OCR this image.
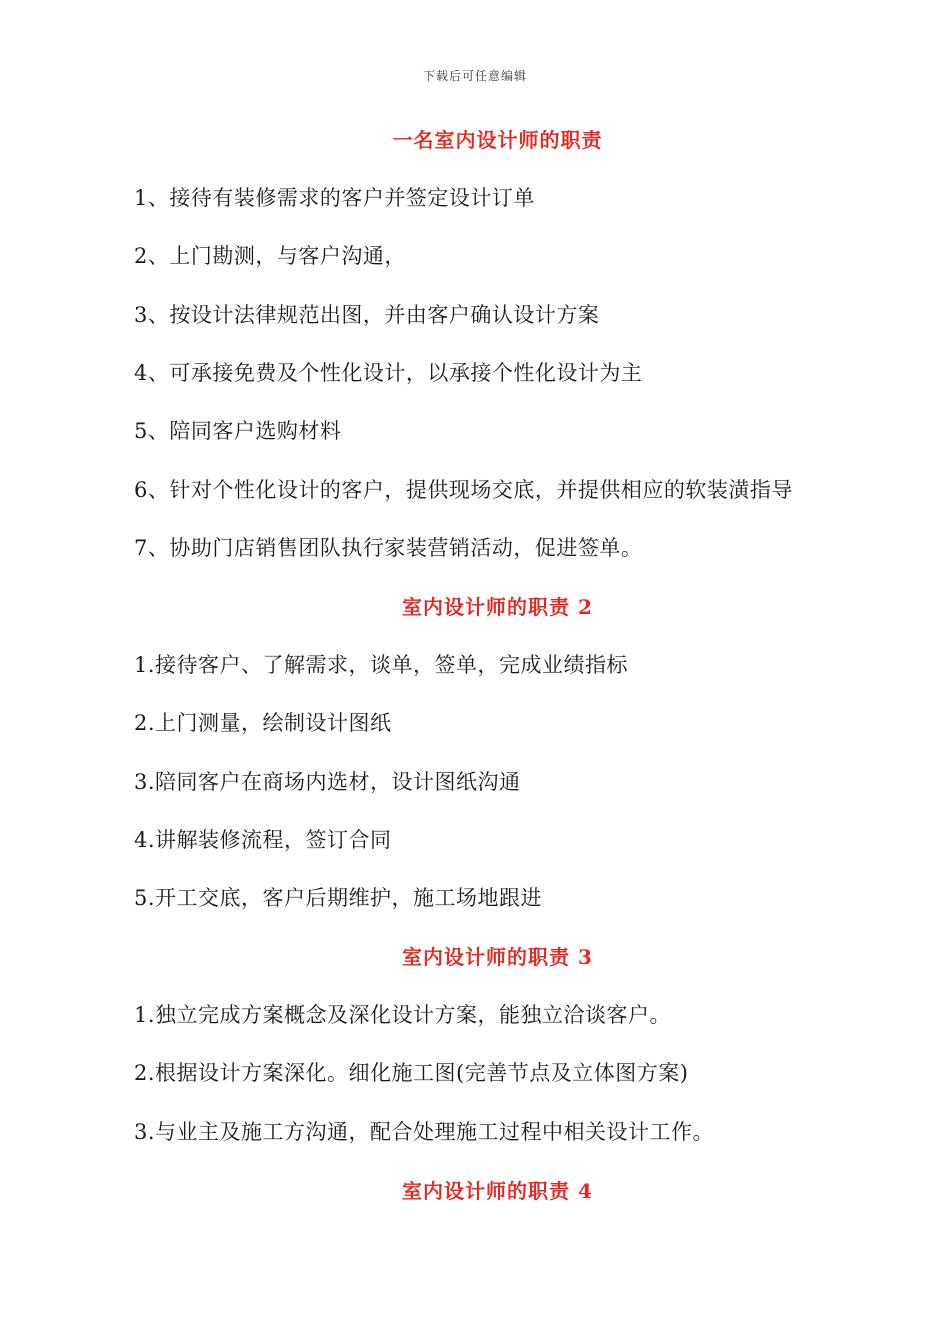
下载后可任意编辑
一名室内设计师的职责
1、接待有装修需求的客户并签定设计订单
2、上门勘测，与客户沟通，
3、按设计法律规范出图，并由客户确认设计方案
4、可承接免费及个性化设计，以承接个性化设计为主
5、陪同客户选购材料
6、针对个性化设计的客户，提供现场交底，并提供相应的软装潢指导
7、协助门店销售团队执行家装营销活动，促进签单。
室内设计师的职责 2
1.接待客户、了解需求，谈单，签单，完成业绩指标
2.上门测量，绘制设计图纸
3.陪同客户在商场内选材，设计图纸沟通
4.讲解装修流程，签订合同
5.开工交底，客户后期维护，施工场地跟进
室内设计师的职责 3
1.独立完成方案概念及深化设计方案，能独立洽谈客户。
2.根据设计方案深化。细化施工图(完善节点及立体图方案)
3.与业主及施工方沟通，配合处理施工过程中相关设计工作。
室内设计师的职责 4
